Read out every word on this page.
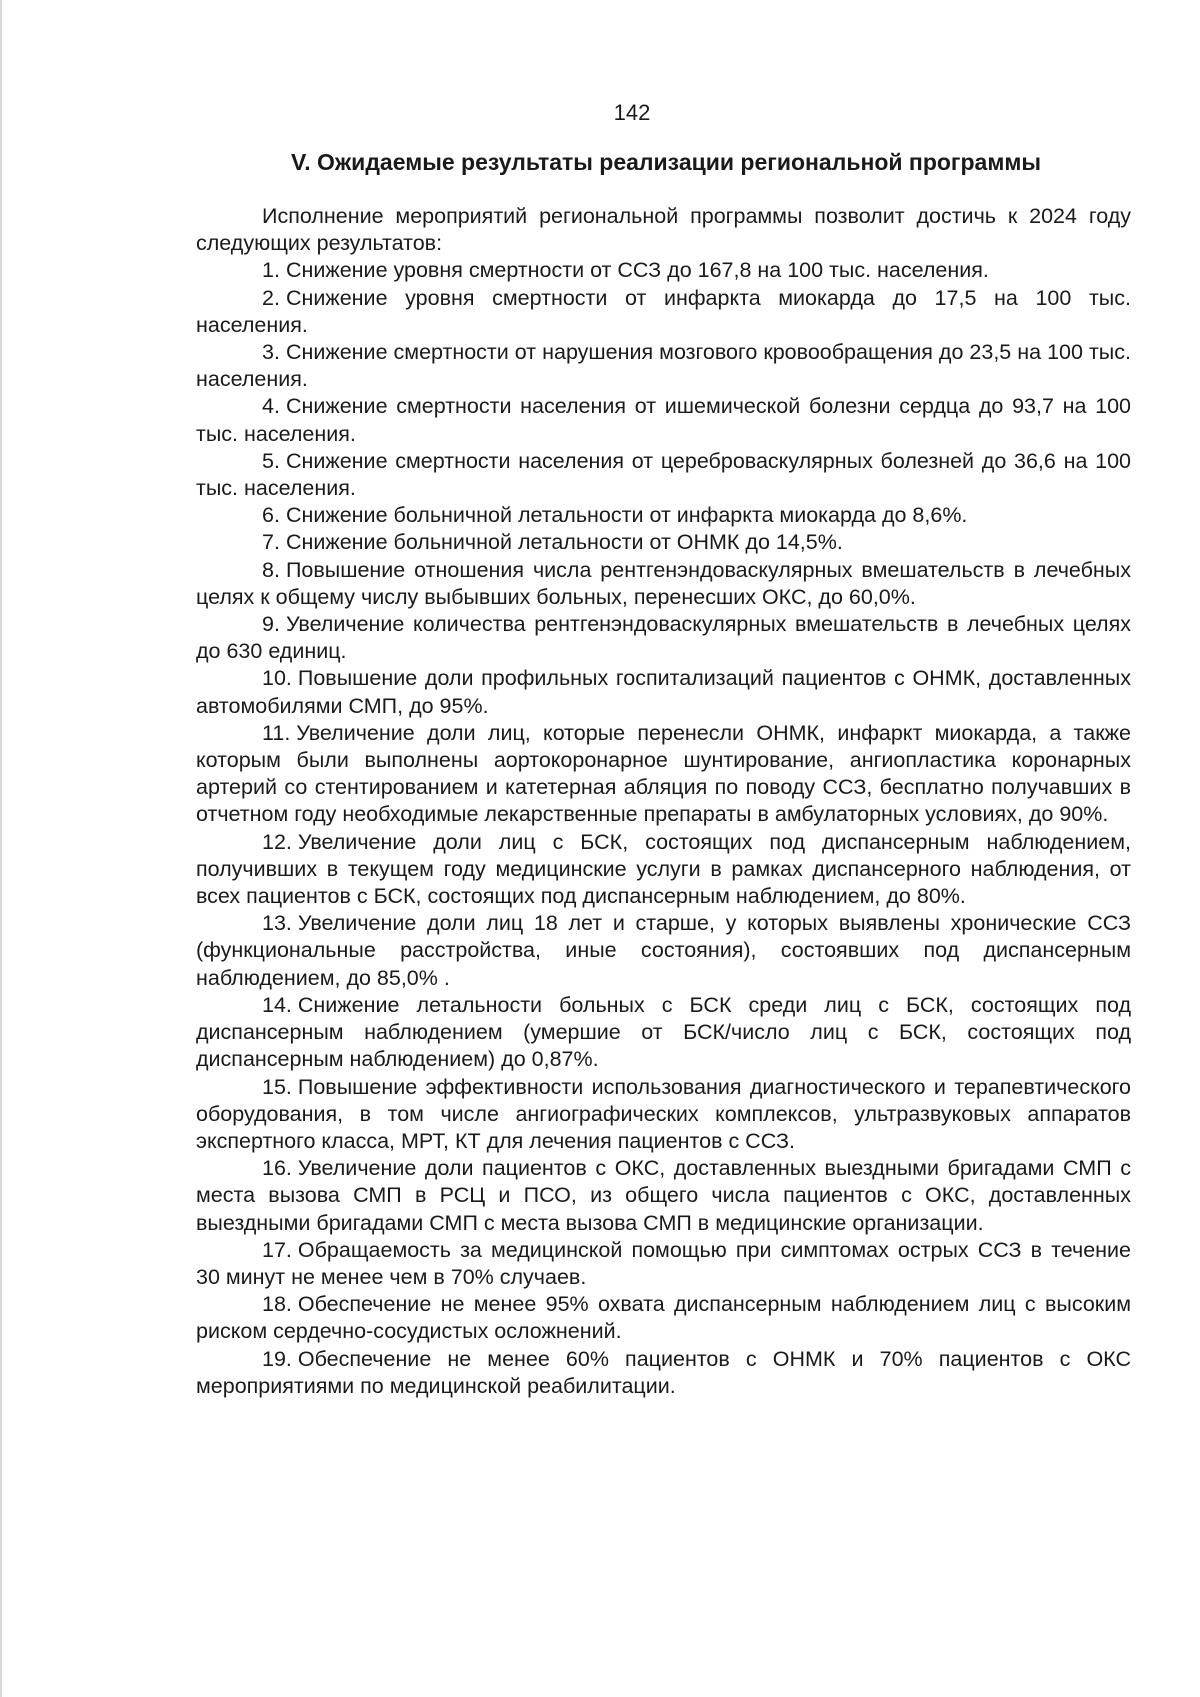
142
V. Ожидаемые результаты реализации региональной программы

Исполнение мероприятий региональной программы позволит достичь к 2024 году следующих результатов:

1. Снижение уровня смертности от ССЗ до 167,8 на 100 тыс. населения.

2. Снижение уровня смертности от инфаркта миокарда до 17,5 на 100 тыс. населения.

3. Снижение смертности от нарушения мозгового кровообращения до 23,5 на 100 тыс. населения.

4. Снижение смертности населения от ишемической болезни сердца до 93,7 на 100 тыс. населения.

5. Снижение смертности населения от цереброваскулярных болезней до 36,6 на 100 тыс. населения.

6. Снижение больничной летальности от инфаркта миокарда до 8,6%.

7. Снижение больничной летальности от ОНМК до 14,5%.

8. Повышение отношения числа рентгенэндоваскулярных вмешательств в лечебных целях к общему числу выбывших больных, перенесших ОКС, до 60,0%.

9. Увеличение количества рентгенэндоваскулярных вмешательств в лечебных целях до 630 единиц.

10. Повышение доли профильных госпитализаций пациентов с ОНМК, доставленных автомобилями СМП, до 95%.

11. Увеличение доли лиц, которые перенесли ОНМК, инфаркт миокарда, а также которым были выполнены аортокоронарное шунтирование, ангиопластика коронарных артерий со стентированием и катетерная абляция по поводу ССЗ, бесплатно получавших в отчетном году необходимые лекарственные препараты в амбулаторных условиях, до 90%.

12. Увеличение доли лиц с БСК, состоящих под диспансерным наблюдением, получивших в текущем году медицинские услуги в рамках диспансерного наблюдения, от всех пациентов с БСК, состоящих под диспансерным наблюдением, до 80%.

13. Увеличение доли лиц 18 лет и старше, у которых выявлены хронические ССЗ (функциональные расстройства, иные состояния), состоявших под диспансерным наблюдением, до 85,0% .

14. Снижение летальности больных с БСК среди лиц с БСК, состоящих под диспансерным наблюдением (умершие от БСК/число лиц с БСК, состоящих под диспансерным наблюдением) до 0,87%.

15. Повышение эффективности использования диагностического и терапевтического оборудования, в том числе ангиографических комплексов, ультразвуковых аппаратов экспертного класса, МРТ, КТ для лечения пациентов с ССЗ.

16. Увеличение доли пациентов с ОКС, доставленных выездными бригадами СМП с места вызова СМП в РСЦ и ПСО, из общего числа пациентов с ОКС, доставленных выездными бригадами СМП с места вызова СМП в медицинские организации.

17. Обращаемость за медицинской помощью при симптомах острых ССЗ в течение 30 минут не менее чем в 70% случаев.

18. Обеспечение не менее 95% охвата диспансерным наблюдением лиц с высоким риском сердечно-сосудистых осложнений.

19. Обеспечение не менее 60% пациентов с ОНМК и 70% пациентов с ОКС мероприятиями по медицинской реабилитации.
